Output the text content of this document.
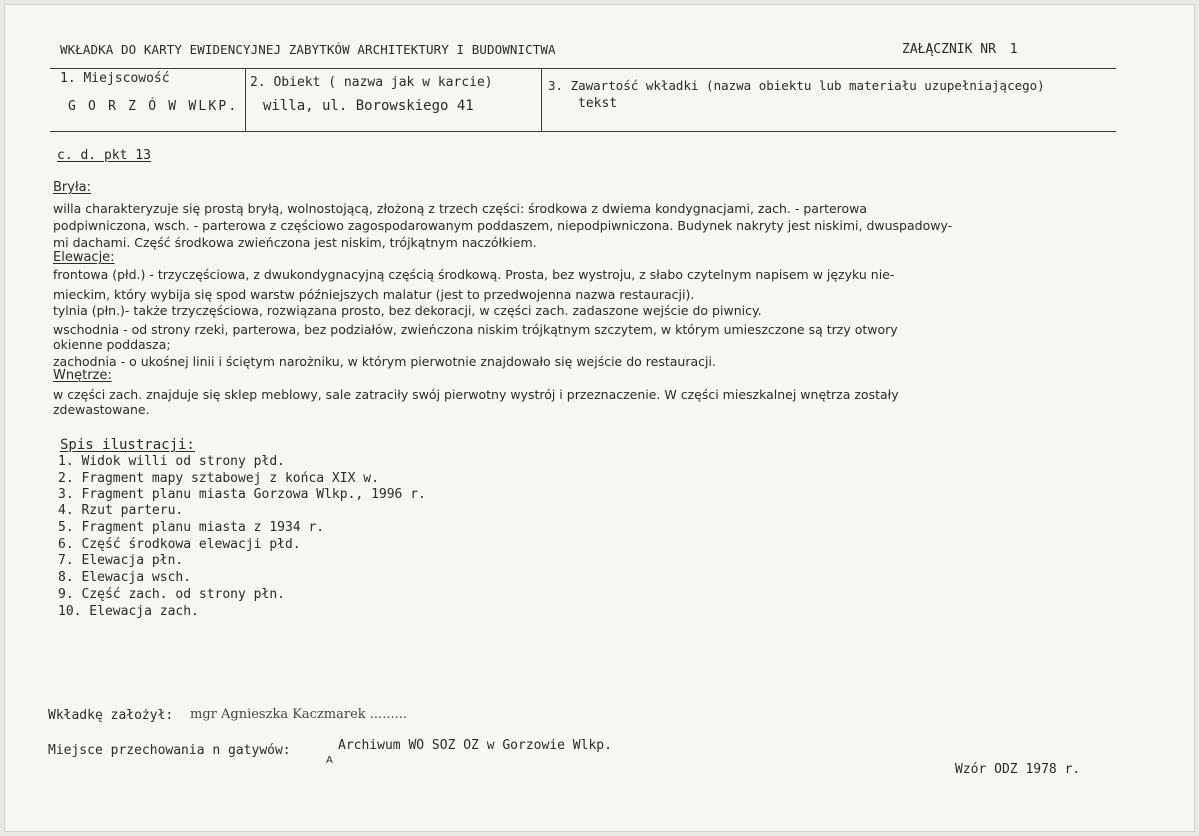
WKŁADKA DO KARTY EWIDENCYJNEJ ZABYTKÓW ARCHITEKTURY I BUDOWNICTWA	ZAŁĄCZNIK NR 1
1. Miejscowość
G O R Z Ó W WLKP.
2. Obiekt ( nazwa jak w karcie)
willa, ul. Borowskiego 41
3. Zawartość wkładki (nazwa obiektu lub materiału uzupełniającego)
tekst
c. d. pkt 13
Bryła:
willa charakteryzuje się prostą bryłą, wolnostojącą, złożoną z trzech części: środkowa z dwiema kondygnacjami, zach. - parterowa
podpiwniczona, wsch. - parterowa z częściowo zagospodarowanym poddaszem, niepodpiwniczona. Budynek nakryty jest niskimi, dwuspadowy-
mi dachami. Część środkowa zwieńczona jest niskim, trójkątnym naczółkiem.
Elewacje:
frontowa (płd.) - trzyczęściowa, z dwukondygnacyjną częścią środkową. Prosta, bez wystroju, z słabo czytelnym napisem w języku nie-
mieckim, który wybija się spod warstw późniejszych malatur (jest to przedwojenna nazwa restauracji).
tylnia (płn.)- także trzyczęściowa, rozwiązana prosto, bez dekoracji, w części zach. zadaszone wejście do piwnicy.
wschodnia - od strony rzeki, parterowa, bez podziałów, zwieńczona niskim trójkątnym szczytem, w którym umieszczone są trzy otwory
okienne poddasza;
zachodnia - o ukośnej linii i ściętym narożniku, w którym pierwotnie znajdowało się wejście do restauracji.
Wnętrze:
w części zach. znajduje się sklep meblowy, sale zatraciły swój pierwotny wystrój i przeznaczenie. W części mieszkalnej wnętrza zostały
zdewastowane.
Spis ilustracji:
1. Widok willi od strony płd.
2. Fragment mapy sztabowej z końca XIX w.
3. Fragment planu miasta Gorzowa Wlkp., 1996 r.
4. Rzut parteru.
5. Fragment planu miasta z 1934 r.
6. Część środkowa elewacji płd.
7. Elewacja płn.
8. Elewacja wsch.
9. Część zach. od strony płn.
10. Elewacja zach.
Wkładkę założył: mgr Agnieszka Kaczmarek .........
Miejsce przechowania n gatywów:	Archiwum WO SOZ OZ w Gorzowie Wlkp.
A
Wzór ODZ 1978 r.
